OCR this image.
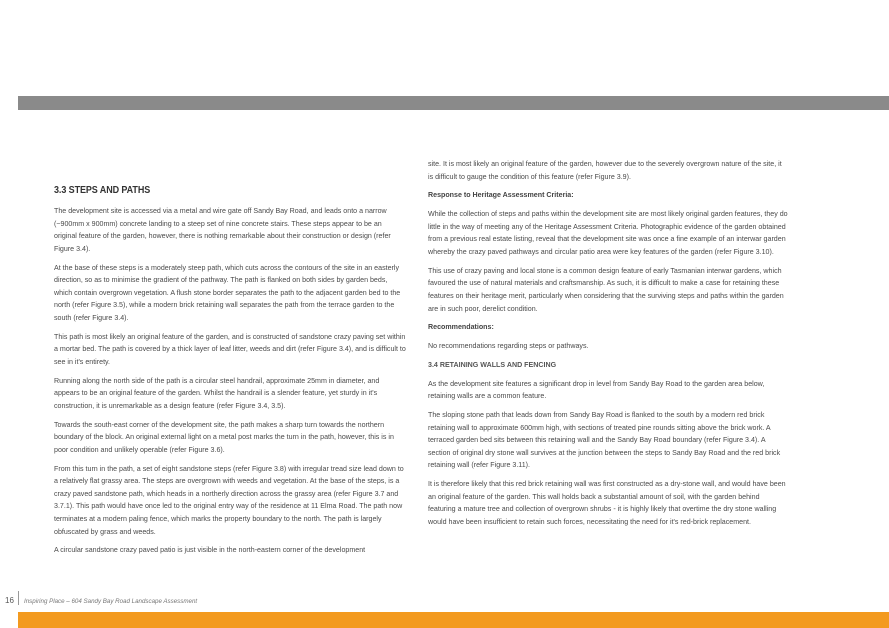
3.3 STEPS AND PATHS

The development site is accessed via a metal and wire gate off Sandy Bay Road, and leads onto a narrow (~900mm x 900mm) concrete landing to a steep set of nine concrete stairs. These steps appear to be an original feature of the garden, however, there is nothing remarkable about their construction or design (refer Figure 3.4).

At the base of these steps is a moderately steep path, which cuts across the contours of the site in an easterly direction, so as to minimise the gradient of the pathway. The path is flanked on both sides by garden beds, which contain overgrown vegetation. A flush stone border separates the path to the adjacent garden bed to the north (refer Figure 3.5), while a modern brick retaining wall separates the path from the terrace garden to the south (refer Figure 3.4).

This path is most likely an original feature of the garden, and is constructed of sandstone crazy paving set within a mortar bed. The path is covered by a thick layer of leaf litter, weeds and dirt (refer Figure 3.4), and is difficult to see in it's entirety.

Running along the north side of the path is a circular steel handrail, approximate 25mm in diameter, and appears to be an original feature of the garden. Whilst the handrail is a slender feature, yet sturdy in it's construction, it is unremarkable as a design feature (refer Figure 3.4, 3.5).

Towards the south-east corner of the development site, the path makes a sharp turn towards the northern boundary of the block. An original external light on a metal post marks the turn in the path, however, this is in poor condition and unlikely operable (refer Figure 3.6).

From this turn in the path, a set of eight sandstone steps (refer Figure 3.8) with irregular tread size lead down to a relatively flat grassy area. The steps are overgrown with weeds and vegetation. At the base of the steps, is a crazy paved sandstone path, which heads in a northerly direction across the grassy area (refer Figure 3.7 and 3.7.1). This path would have once led to the original entry way of the residence at 11 Elma Road. The path now terminates at a modern paling fence, which marks the property boundary to the north. The path is largely obfuscated by grass and weeds.

A circular sandstone crazy paved patio is just visible in the north-eastern corner of the development

site. It is most likely an original feature of the garden, however due to the severely overgrown nature of the site, it is difficult to gauge the condition of this feature (refer Figure 3.9).

Response to Heritage Assessment Criteria:

While the collection of steps and paths within the development site are most likely original garden features, they do little in the way of meeting any of the Heritage Assessment Criteria. Photographic evidence of the garden obtained from a previous real estate listing, reveal that the development site was once a fine example of an interwar garden whereby the crazy paved pathways and circular patio area were key features of the garden (refer Figure 3.10).

This use of crazy paving and local stone is a common design feature of early Tasmanian interwar gardens, which favoured the use of natural materials and craftsmanship. As such, it is difficult to make a case for retaining these features on their heritage merit, particularly when considering that the surviving steps and paths within the garden are in such poor, derelict condition.

Recommendations:

No recommendations regarding steps or pathways.

3.4 RETAINING WALLS AND FENCING

As the development site features a significant drop in level from Sandy Bay Road to the garden area below, retaining walls are a common feature.

The sloping stone path that leads down from Sandy Bay Road is flanked to the south by a modern red brick retaining wall to approximate 600mm high, with sections of treated pine rounds sitting above the brick work. A terraced garden bed sits between this retaining wall and the Sandy Bay Road boundary (refer Figure 3.4). A section of original dry stone wall survives at the junction between the steps to Sandy Bay Road and the red brick retaining wall (refer Figure 3.11).

It is therefore likely that this red brick retaining wall was first constructed as a dry-stone wall, and would have been an original feature of the garden. This wall holds back a substantial amount of soil, with the garden behind featuring a mature tree and collection of overgrown shrubs - it is highly likely that overtime the dry stone walling would have been insufficient to retain such forces, necessitating the need for it's red-brick replacement.

16 Inspiring Place – 604 Sandy Bay Road Landscape Assessment
